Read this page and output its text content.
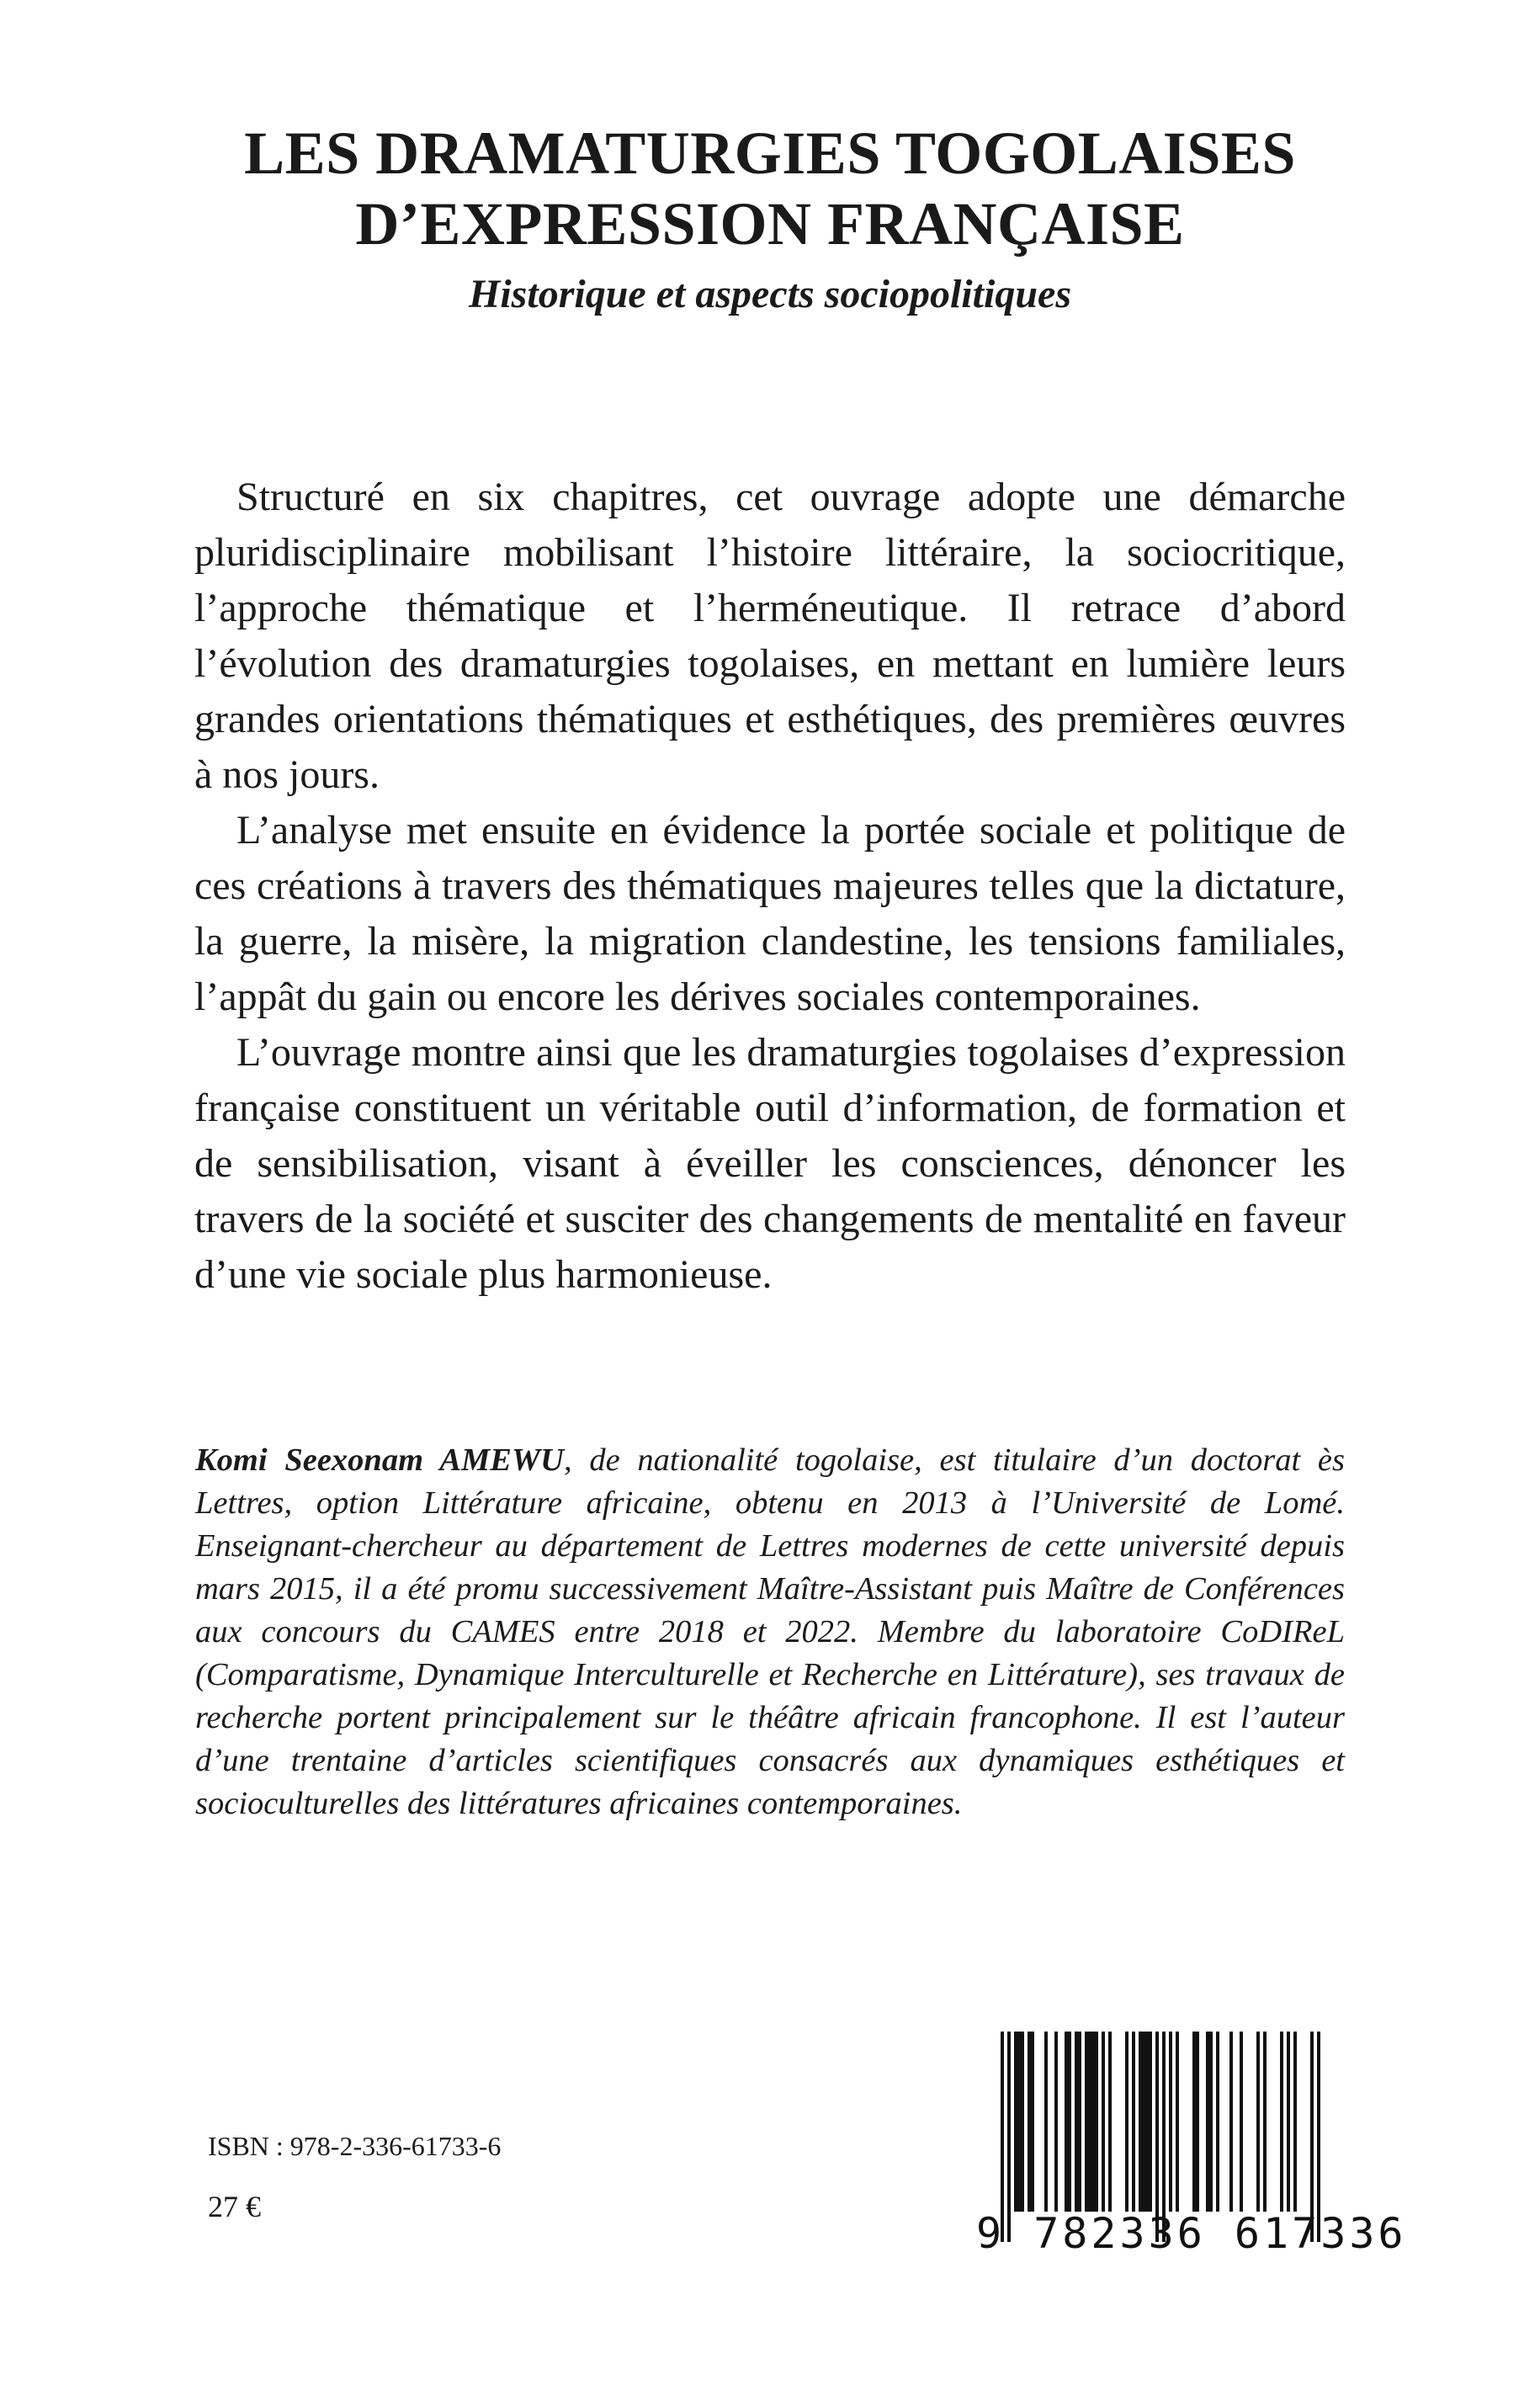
LES DRAMATURGIES TOGOLAISES
D’EXPRESSION FRANÇAISE
Historique et aspects sociopolitiques

Structuré en six chapitres, cet ouvrage adopte une démarche pluridisciplinaire mobilisant l’histoire littéraire, la sociocritique, l’approche thématique et l’herméneutique. Il retrace d’abord l’évolution des dramaturgies togolaises, en mettant en lumière leurs grandes orientations thématiques et esthétiques, des premières œuvres à nos jours.

L’analyse met ensuite en évidence la portée sociale et politique de ces créations à travers des thématiques majeures telles que la dictature, la guerre, la misère, la migration clandestine, les tensions familiales, l’appât du gain ou encore les dérives sociales contemporaines.

L’ouvrage montre ainsi que les dramaturgies togolaises d’expression française constituent un véritable outil d’information, de formation et de sensibilisation, visant à éveiller les consciences, dénoncer les travers de la société et susciter des changements de mentalité en faveur d’une vie sociale plus harmonieuse.

Komi Seexonam AMEWU, de nationalité togolaise, est titulaire d’un doctorat ès Lettres, option Littérature africaine, obtenu en 2013 à l’Université de Lomé. Enseignant-chercheur au département de Lettres modernes de cette université depuis mars 2015, il a été promu successivement Maître-Assistant puis Maître de Conférences aux concours du CAMES entre 2018 et 2022. Membre du laboratoire CoDIReL (Comparatisme, Dynamique Interculturelle et Recherche en Littérature), ses travaux de recherche portent principalement sur le théâtre africain francophone. Il est l’auteur d’une trentaine d’articles scientifiques consacrés aux dynamiques esthétiques et socioculturelles des littératures africaines contemporaines.
ISBN : 978-2-336-61733-6
27 €
9 782336 617336
